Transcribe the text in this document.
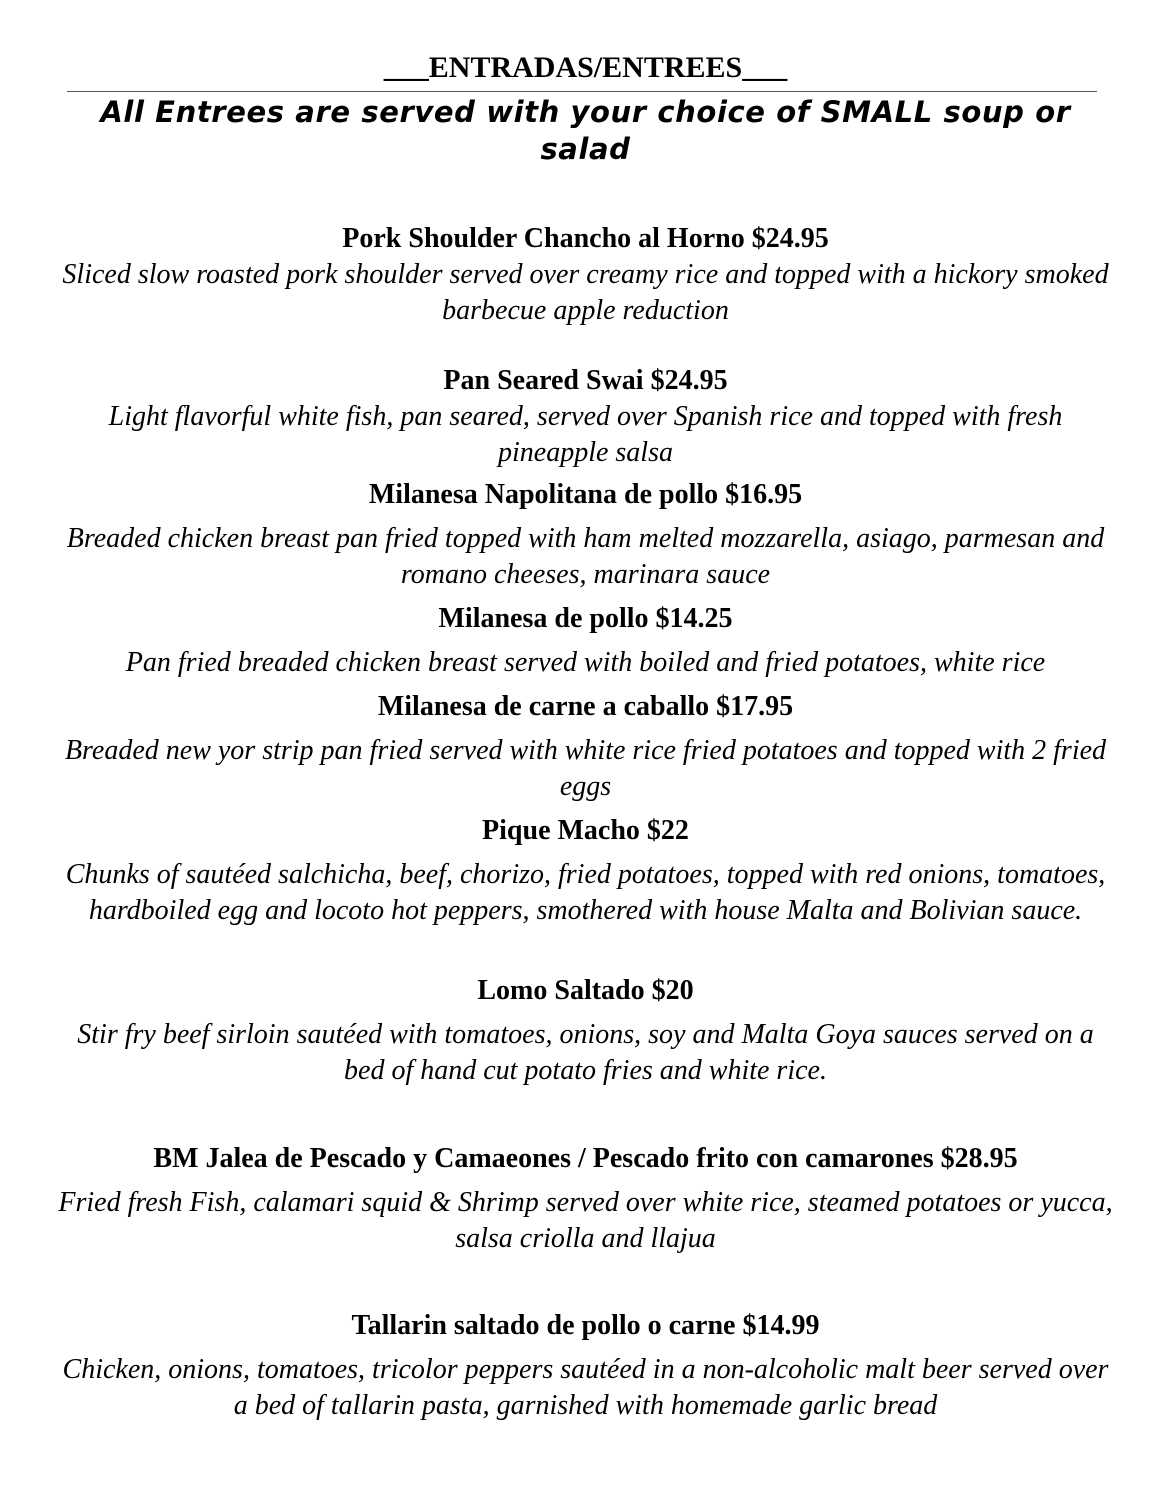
___ENTRADAS/ENTREES___
All Entrees are served with your choice of SMALL soup or salad
Pork Shoulder Chancho al Horno $24.95
Sliced slow roasted pork shoulder served over creamy rice and topped with a hickory smoked barbecue apple reduction
Pan Seared Swai $24.95
Light flavorful white fish, pan seared, served over Spanish rice and topped with fresh pineapple salsa
Milanesa Napolitana de pollo $16.95
Breaded chicken breast pan fried topped with ham melted mozzarella, asiago, parmesan and romano cheeses, marinara sauce
Milanesa de pollo $14.25
Pan fried breaded chicken breast served with boiled and fried potatoes, white rice
Milanesa de carne a caballo $17.95
Breaded new yor strip pan fried served with white rice fried potatoes and topped with 2 fried eggs
Pique Macho $22
Chunks of sautéed salchicha, beef, chorizo, fried potatoes, topped with red onions, tomatoes, hardboiled egg and locoto hot peppers, smothered with house Malta and Bolivian sauce.
Lomo Saltado $20
Stir fry beef sirloin sautéed with tomatoes, onions, soy and Malta Goya sauces served on a bed of hand cut potato fries and white rice.
BM Jalea de Pescado y Camaeones / Pescado frito con camarones $28.95
Fried fresh Fish, calamari squid & Shrimp served over white rice, steamed potatoes or yucca, salsa criolla and llajua
Tallarin saltado de pollo o carne $14.99
Chicken, onions, tomatoes, tricolor peppers sautéed in a non-alcoholic malt beer served over a bed of tallarin pasta, garnished with homemade garlic bread
